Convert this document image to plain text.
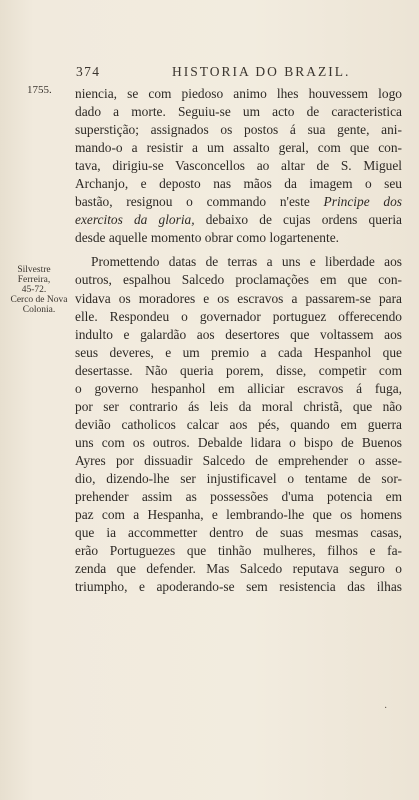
374	HISTORIA DO BRAZIL.
1755.
Silvestre
Ferreira,
45-72.
Cerco de Nova
Colonia.
niencia, se com piedoso animo lhes houvessem logo
dado a morte. Seguiu-se um acto de caracteristica
superstição; assignados os postos á sua gente, ani-
mando-o a resistir a um assalto geral, com que con-
tava, dirigiu-se Vasconcellos ao altar de S. Miguel
Archanjo, e deposto nas mãos da imagem o seu
bastão, resignou o commando n'este Principe dos
exercitos da gloria, debaixo de cujas ordens queria
desde aquelle momento obrar como logartenente.
Promettendo datas de terras a uns e liberdade aos
outros, espalhou Salcedo proclamações em que con-
vidava os moradores e os escravos a passarem-se para
elle. Respondeu o governador portuguez offerecendo
indulto e galardão aos desertores que voltassem aos
seus deveres, e um premio a cada Hespanhol que
desertasse. Não queria porem, disse, competir com
o governo hespanhol em alliciar escravos á fuga,
por ser contrario ás leis da moral christã, que não
devião catholicos calcar aos pés, quando em guerra
uns com os outros. Debalde lidara o bispo de Buenos
Ayres por dissuadir Salcedo de emprehender o asse-
dio, dizendo-lhe ser injustificavel o tentame de sor-
prehender assim as possessões d'uma potencia em
paz com a Hespanha, e lembrando-lhe que os homens
que ia accommetter dentro de suas mesmas casas,
erão Portuguezes que tinhão mulheres, filhos e fa-
zenda que defender. Mas Salcedo reputava seguro o
triumpho, e apoderando-se sem resistencia das ilhas
·
